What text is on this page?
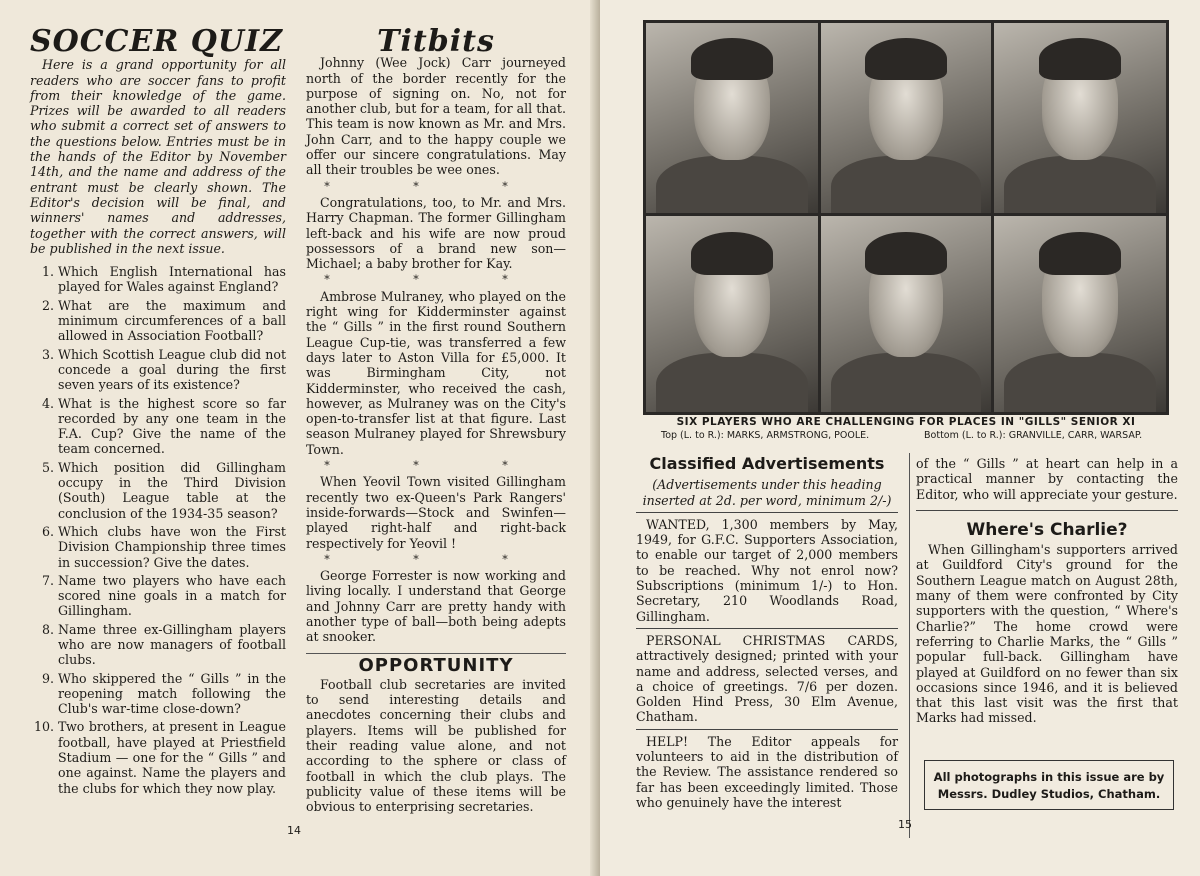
SOCCER QUIZ
Here is a grand opportunity for all readers who are soccer fans to profit from their knowledge of the game. Prizes will be awarded to all readers who submit a correct set of answers to the questions below. Entries must be in the hands of the Editor by November 14th, and the name and address of the entrant must be clearly shown. The Editor's decision will be final, and winners' names and addresses, together with the correct answers, will be published in the next issue.
1. Which English International has played for Wales against England?
2. What are the maximum and minimum circumferences of a ball allowed in Association Football?
3. Which Scottish League club did not concede a goal during the first seven years of its existence?
4. What is the highest score so far recorded by any one team in the F.A. Cup? Give the name of the team concerned.
5. Which position did Gillingham occupy in the Third Division (South) League table at the conclusion of the 1934-35 season?
6. Which clubs have won the First Division Championship three times in succession? Give the dates.
7. Name two players who have each scored nine goals in a match for Gillingham.
8. Name three ex-Gillingham players who are now managers of football clubs.
9. Who skippered the “ Gills ” in the reopening match following the Club's war-time close-down?
10. Two brothers, at present in League football, have played at Priestfield Stadium — one for the “ Gills ” and one against. Name the players and the clubs for which they now play.
Titbits
Johnny (Wee Jock) Carr journeyed north of the border recently for the purpose of signing on. No, not for another club, but for a team, for all that. This team is now known as Mr. and Mrs. John Carr, and to the happy couple we offer our sincere congratulations. May all their troubles be wee ones.
* * *
Congratulations, too, to Mr. and Mrs. Harry Chapman. The former Gillingham left-back and his wife are now proud possessors of a brand new son—Michael; a baby brother for Kay.
* * *
Ambrose Mulraney, who played on the right wing for Kidderminster against the “ Gills ” in the first round Southern League Cup-tie, was transferred a few days later to Aston Villa for £5,000. It was Birmingham City, not Kidderminster, who received the cash, however, as Mulraney was on the City's open-to-transfer list at that figure. Last season Mulraney played for Shrewsbury Town.
* * *
When Yeovil Town visited Gillingham recently two ex-Queen's Park Rangers' inside-forwards—Stock and Swinfen—played right-half and right-back respectively for Yeovil !
* * *
George Forrester is now working and living locally. I understand that George and Johnny Carr are pretty handy with another type of ball—both being adepts at snooker.
OPPORTUNITY
Football club secretaries are invited to send interesting details and anecdotes concerning their clubs and players. Items will be published for their reading value alone, and not according to the sphere or class of football in which the club plays. The publicity value of these items will be obvious to enterprising secretaries.
14
SIX PLAYERS WHO ARE CHALLENGING FOR PLACES IN "GILLS" SENIOR XI
Top (L. to R.): MARKS, ARMSTRONG, POOLE.	Bottom (L. to R.): GRANVILLE, CARR, WARSAP.
Classified Advertisements
(Advertisements under this heading inserted at 2d. per word, minimum 2/-)
WANTED, 1,300 members by May, 1949, for G.F.C. Supporters Association, to enable our target of 2,000 members to be reached. Why not enrol now? Subscriptions (minimum 1/-) to Hon. Secretary, 210 Woodlands Road, Gillingham.
PERSONAL CHRISTMAS CARDS, attractively designed; printed with your name and address, selected verses, and a choice of greetings. 7/6 per dozen. Golden Hind Press, 30 Elm Avenue, Chatham.
HELP! The Editor appeals for volunteers to aid in the distribution of the Review. The assistance rendered so far has been exceedingly limited. Those who genuinely have the interest
of the “ Gills ” at heart can help in a practical manner by contacting the Editor, who will appreciate your gesture.
Where's Charlie?
When Gillingham's supporters arrived at Guildford City's ground for the Southern League match on August 28th, many of them were confronted by City supporters with the question, “ Where's Charlie?” The home crowd were referring to Charlie Marks, the “ Gills ” popular full-back. Gillingham have played at Guildford on no fewer than six occasions since 1946, and it is believed that this last visit was the first that Marks had missed.
All photographs in this issue are by Messrs. Dudley Studios, Chatham.
15
